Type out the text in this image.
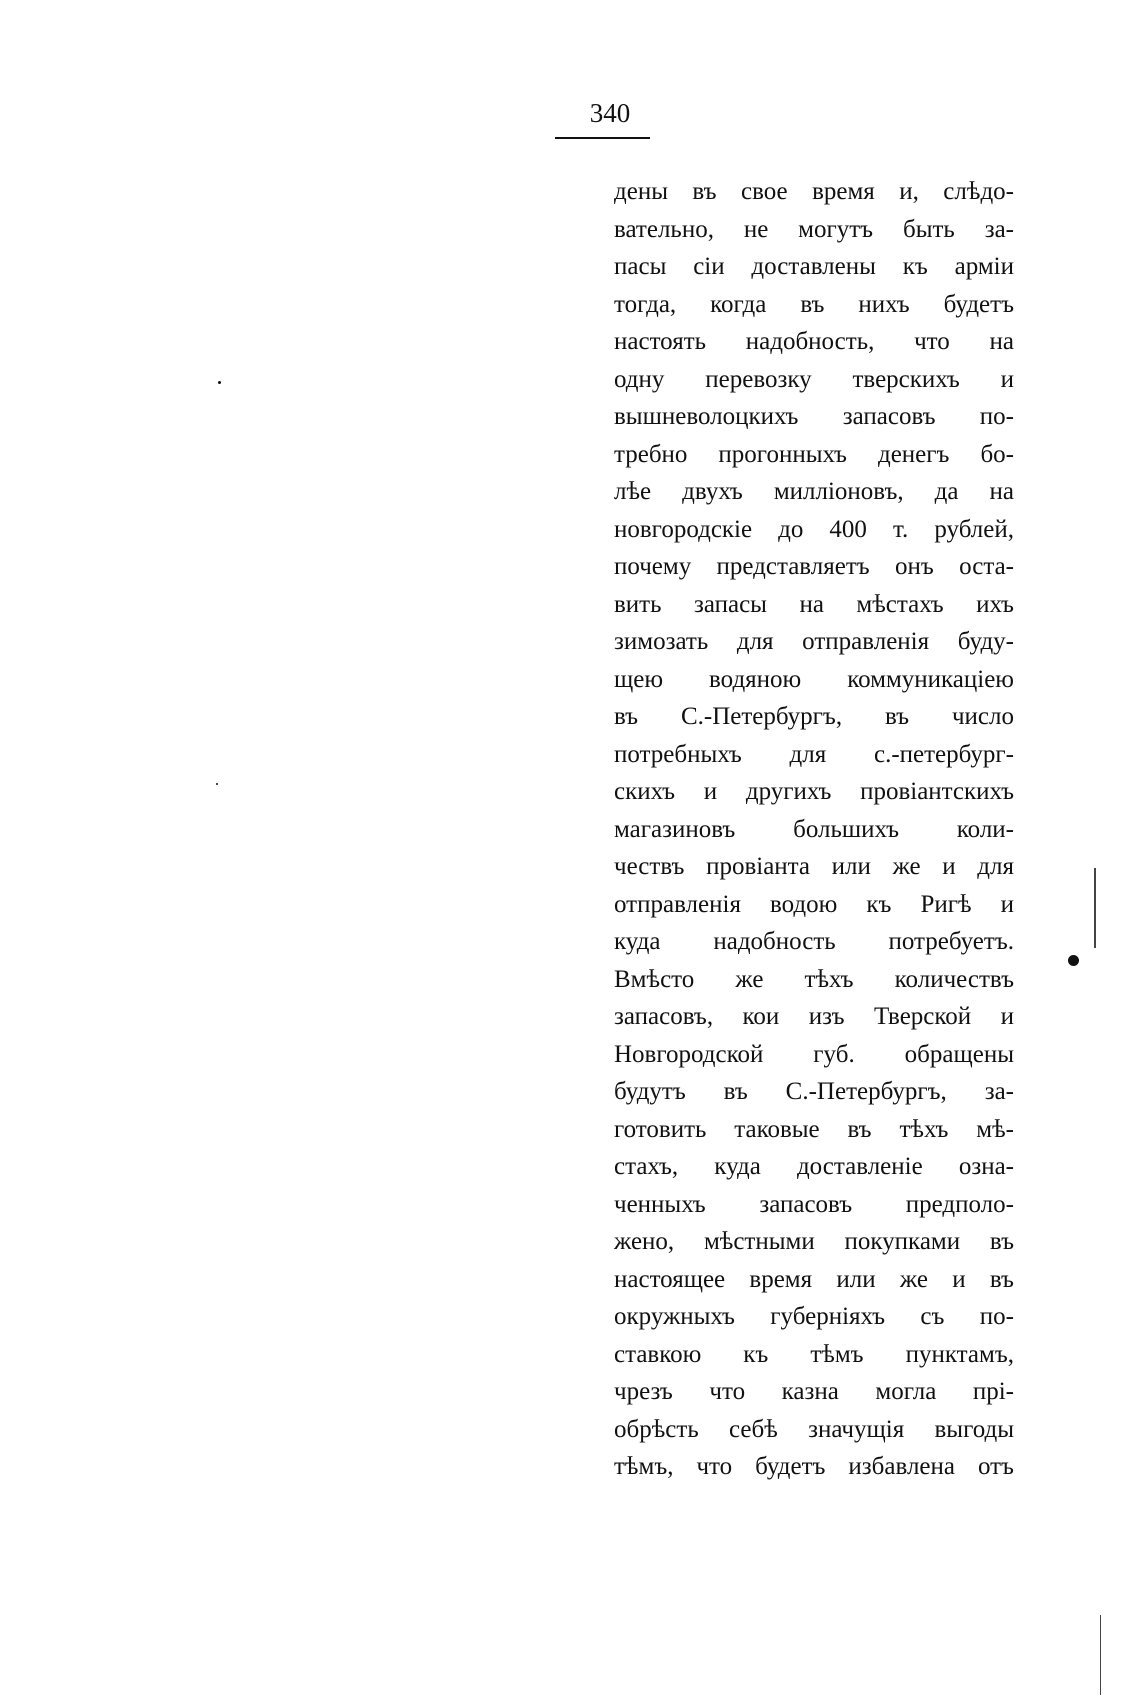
340
дены въ свое время и, слѣдо-
вательно, не могутъ быть за-
пасы сіи доставлены къ арміи
тогда, когда въ нихъ будетъ
настоять надобность, что на
одну перевозку тверскихъ и
вышневолоцкихъ запасовъ по-
требно прогонныхъ денегъ бо-
лѣе двухъ милліоновъ, да на
новгородскіе до 400 т. рублей,
почему представляетъ онъ оста-
вить запасы на мѣстахъ ихъ
зимозать для отправленія буду-
щею водяною коммуникаціею
въ С.-Петербургъ, въ число
потребныхъ для с.-петербург-
скихъ и другихъ провіантскихъ
магазиновъ большихъ коли-
чествъ провіанта или же и для
отправленія водою къ Ригѣ и
куда надобность потребуетъ.
Вмѣсто же тѣхъ количествъ
запасовъ, кои изъ Тверской и
Новгородской губ. обращены
будутъ въ С.-Петербургъ, за-
готовить таковые въ тѣхъ мѣ-
стахъ, куда доставленіе озна-
ченныхъ запасовъ предполо-
жено, мѣстными покупками въ
настоящее время или же и въ
окружныхъ губерніяхъ съ по-
ставкою къ тѣмъ пунктамъ,
чрезъ что казна могла прі-
обрѣсть себѣ значущія выгоды
тѣмъ, что будетъ избавлена отъ
